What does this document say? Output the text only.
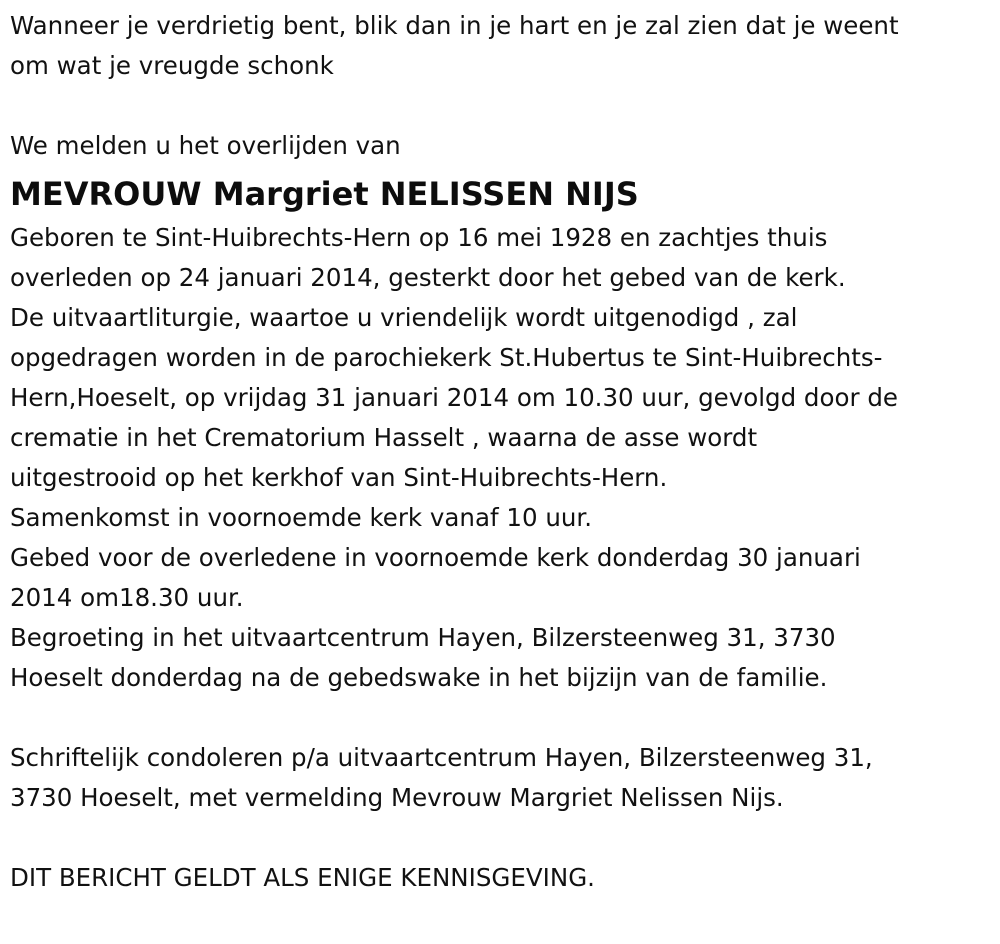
Wanneer je verdrietig bent, blik dan in je hart en je zal zien dat je weent
om wat je vreugde schonk
We melden u het overlijden van
MEVROUW Margriet NELISSEN NIJS
Geboren te Sint-Huibrechts-Hern op 16 mei 1928 en zachtjes thuis
overleden op 24 januari 2014, gesterkt door het gebed van de kerk.
De uitvaartliturgie, waartoe u vriendelijk wordt uitgenodigd , zal
opgedragen worden in de parochiekerk St.Hubertus te Sint-Huibrechts-
Hern,Hoeselt, op vrijdag 31 januari 2014 om 10.30 uur, gevolgd door de
crematie in het Crematorium Hasselt , waarna de asse wordt
uitgestrooid op het kerkhof van Sint-Huibrechts-Hern.
Samenkomst in voornoemde kerk vanaf 10 uur.
Gebed voor de overledene in voornoemde kerk donderdag 30 januari
2014 om18.30 uur.
Begroeting in het uitvaartcentrum Hayen, Bilzersteenweg 31, 3730
Hoeselt donderdag na de gebedswake in het bijzijn van de familie.
Schriftelijk condoleren p/a uitvaartcentrum Hayen, Bilzersteenweg 31,
3730 Hoeselt, met vermelding Mevrouw Margriet Nelissen Nijs.
DIT BERICHT GELDT ALS ENIGE KENNISGEVING.
